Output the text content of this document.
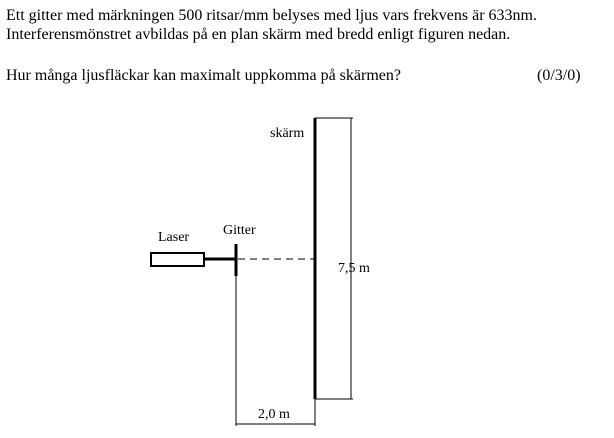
Ett gitter med märkningen 500 ritsar/mm belyses med ljus vars frekvens är 633nm.

Interferensmönstret avbildas på en plan skärm med bredd enligt figuren nedan.

Hur många ljusfläckar kan maximalt uppkomma på skärmen?	(0/3/0)
skärm
7,5 m
Laser Gitter
2,0 m
